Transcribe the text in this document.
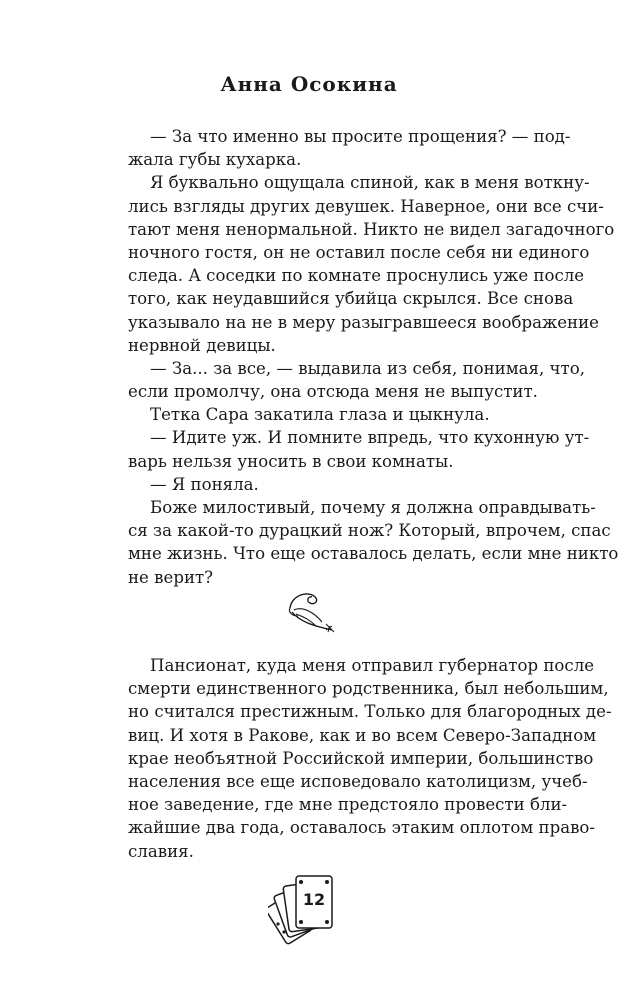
Анна Осокина
— За что именно вы просите прощения? — под-
жала губы кухарка.
Я буквально ощущала спиной, как в меня воткну-
лись взгляды других девушек. Наверное, они все счи-
тают меня ненормальной. Никто не видел загадочного
ночного гостя, он не оставил после себя ни единого
следа. А соседки по комнате проснулись уже после
того, как неудавшийся убийца скрылся. Все снова
указывало на не в меру разыгравшееся воображение
нервной девицы.
— За... за все, — выдавила из себя, понимая, что,
если промолчу, она отсюда меня не выпустит.
Тетка Сара закатила глаза и цыкнула.
— Идите уж. И помните впредь, что кухонную ут-
варь нельзя уносить в свои комнаты.
— Я поняла.
Боже милостивый, почему я должна оправдывать-
ся за какой-то дурацкий нож? Который, впрочем, спас
мне жизнь. Что еще оставалось делать, если мне никто
не верит?
Пансионат, куда меня отправил губернатор после
смерти единственного родственника, был небольшим,
но считался престижным. Только для благородных де-
виц. И хотя в Ракове, как и во всем Северо-Западном
крае необъятной Российской империи, большинство
населения все еще исповедовало католицизм, учеб-
ное заведение, где мне предстояло провести бли-
жайшие два года, оставалось этаким оплотом право-
славия.
12
